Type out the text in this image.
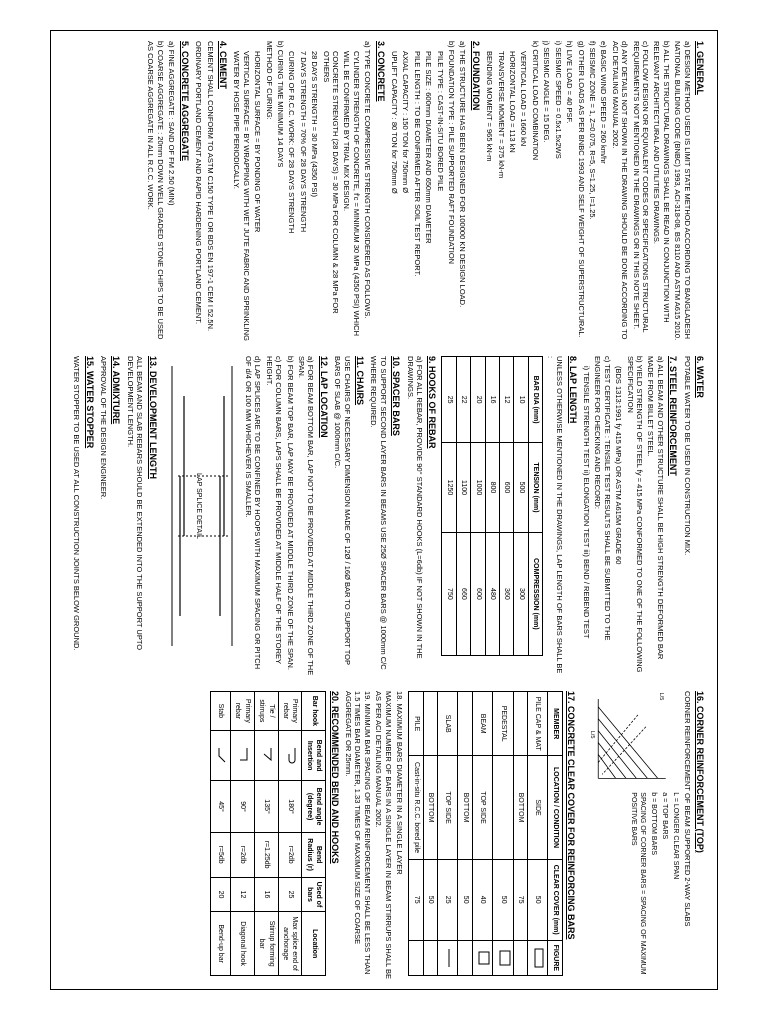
1. GENERAL

a) DESIGN METHOD USED IS LIMIT STATE METHOD ACCORDING TO BANGLADESH NATIONAL BUILDING CODE (BNBC) 1993, ACI-318-08, BS 8110 AND ASTM A615 2010.

b) ALL THE STRUCTURAL DRAWINGS SHALL BE READ IN CONJUNCTION WITH RELEVANT ARCHITECTURAL AND UTILITIES DRAWINGS.

c) FOLLOW DESIGN OR EQUIVALENT CODES OR SPECIFICATIONS STRUCTURAL REQUIREMENTS NOT MENTIONED IN THE DRAWINGS OR IN THIS NOTE SHEET.

d) ANY DETAILS NOT SHOWN IN THE DRAWING SHOULD BE DONE ACCORDING TO ACI DETAILING MANUAL 2002.

e) BASIC WIND SPEED = 260 km/hr

f) SEISMIC ZONE = 1, Z=0.075, R=5, S=1.25, I=1.25.

g) OTHER LOADS AS PER BNBC 1993 AND SELF WEIGHT OF SUPERSTRUCTURAL.

h) LIVE LOAD = 40 PSF.

i) SEISMIC SPEED = 0.5x1.5x2WS

j) SEISMIC ANGLE = 15 DEG.

k) CRITICAL LOAD COMBINATION

VERTICAL LOAD = 1660 kN

HORIZONTAL LOAD = 113 kN

TRANSVERSE MOMENT = 375 kN-m

BENDING MOMENT = 965 kN-m

2. FOUNDATION

a) THE STRUCTURE HAS BEEN DESIGNED FOR 100000 KN DESIGN LOAD.

b) FOUNDATION TYPE : PILE SUPPORTED RAFT FOUNDATION

PILE TYPE : CAST-IN-SITU BORED PILE

PILE SIZE : 600mm DIAMETER AND 650mm DIAMETER

PILE LENGTH : TO BE CONFIRMED AFTER SOIL TEST REPORT.

AXIAL CAPACITY : 150 TON for 750mm Ø

UPLIFT CAPACITY : 80 TON for 750mm Ø

3. CONCRETE

a) TYPE CONCRETE COMPRESSIVE STRENGTH CONSIDERED AS FOLLOWS.

CYLINDER STRENGTH OF CONCRETE, f'c = MINIMUM 30 MPa (4350 PSI) WHICH WILL BE CONFIRMED BY TRIAL MIX DESIGN.

CONCRETE STRENGTH (28 DAYS) = 30 MPa FOR COLUMN & 28 MPa FOR OTHERS

28 DAYS STRENGTH = 30 MPa (4350 PSI)

7 DAYS STRENGTH = 70% OF 28 DAYS STRENGTH

CURING OF R.C.C. WORK: OF 28 DAYS STRENGTH

b) CURING TIME MINIMUM 14 DAYS

METHOD OF CURING:

HORIZONTAL SURFACE = BY PONDING OF WATER

VERTICAL SURFACE = BY WRAPPING WITH WET JUTE FABRIC AND SPRINKLING WATER BY HOSE PIPE PERIODICALLY.

4. CEMENT

CEMENT SHALL CONFORM TO ASTM C150 TYPE I OR BDS EN 197-1 CEM I 52.5N.

ORDINARY PORTLAND CEMENT AND RAPID HARDENING PORTLAND CEMENT.

5. CONCRETE AGGREGATE

a) FINE AGGREGATE : SAND OF FM 2.50 (MIN)

b) COARSE AGGREGATE : 20mm DOWN WELL GRADED STONE CHIPS TO BE USED AS COARSE AGGREGATE IN ALL R.C.C. WORK.

6. WATER

POTABLE WATER TO BE USED IN CONSTRUCTION MIX.

7. STEEL REINFORCEMENT

a) ALL BEAM AND OTHER STRUCTURE SHALL BE HIGH STRENGTH DEFORMED BAR MADE FROM BILLET STEEL.

b) YIELD STRENGTH OF STEEL fy = 415 MPa CONFORMED TO ONE OF THE FOLLOWING SPECIFICATION

(BDS 1313:1991 fy 415 MPa) OR ASTM A615M GRADE 60

c) TEST CERTIFICATE : TENSILE TEST RESULTS SHALL BE SUBMITTED TO THE ENGINEER FOR CHECKING AND RECORD:

i) TENSILE STRENGTH TEST ii) ELONGATION TEST iii) BEND / REBEND TEST

8. LAP LENGTH

UNLESS OTHERWISE MENTIONED IN THE DRAWINGS, LAP LENGTH OF BARS SHALL BE :

BAR DIA (mm)	TENSION (mm)	COMPRESSION (mm)
10	500	300
12	600	360
16	800	480
20	1000	600
22	1100	660
25	1250	750

9. HOOKS OF REBAR

a) FOR ALL REBAR, PROVIDE 90° STANDARD HOOKS (L=6db) IF NOT SHOWN IN THE DRAWINGS.

10. SPACER BARS

TO SUPPORT SECOND LAYER BARS IN BEAMS USE 25Ø SPACER BARS @ 1000mm C/C WHERE REQUIRED.

11. CHAIRS

USE CHAIRS OF NECESSARY DIMENSION MADE OF 12Ø / 16Ø BAR TO SUPPORT TOP BARS OF SLAB @ 1000mm C/C.

12. LAP LOCATION

a) FOR BEAM BOTTOM BAR, LAP NOT TO BE PROVIDED AT MIDDLE THIRD ZONE OF THE SPAN.

b) FOR BEAM TOP BAR, LAP MAY BE PROVIDED AT MIDDLE THIRD ZONE OF THE SPAN.

c) FOR COLUMN BARS, LAPS SHALL BE PROVIDED AT MIDDLE HALF OF THE STOREY HEIGHT.

d) LAP SPLICES ARE TO BE CONFINED BY HOOPS WITH MAXIMUM SPACING OR PITCH OF d/4 OR 100 MM WHICHEVER IS SMALLER.

LAP SPLICE DETAIL

13. DEVELOPMENT LENGTH

ALL BEAM AND SLAB REBARS SHOULD BE EXTENDED INTO THE SUPPORT UPTO DEVELOPMENT LENGTH.

14. ADMIXTURE

APPROVAL OF THE DESIGN ENGINEER.

15. WATER STOPPER

WATER STOPPER TO BE USED AT ALL CONSTRUCTION JOINTS BELOW GROUND.

16. CORNER REINFORCEMENT (TOP)

CORNER REINFORCEMENT OF BEAM SUPPORTED 2-WAY SLABS

L/5
L/5

L = LONGER CLEAR SPAN

a = TOP BARS

b = BOTTOM BARS

SPACING OF CORNER BARS = SPACING OF MAXIMUM POSITIVE BARS

17. CONCRETE CLEAR COVER FOR REINFORCING BARS

MEMBER	LOCATION / CONDITION	CLEAR COVER (mm)	FIGURE
PILE CAP & MAT	SIDE	50	
	BOTTOM	75	
PEDESTAL		50	
BEAM	TOP SIDE	40	
	BOTTOM	50	
SLAB	TOP SIDE	25	
	BOTTOM	50	
PILE	Cast-in-situ R.C.C. bored pile	75	

18. MAXIMUM BARS DIAMETER IN A SINGLE LAYER

MAXIMUM NUMBER OF BARS IN A SINGLE LAYER IN BEAM STIRRUPS SHALL BE AS PER ACI DETAILING MANUAL 2002.

19. MINIMUM BAR SPACING OF BEAM REINFORCEMENT SHALL BE LESS THAN 1.5 TIMES BAR DIAMETER, 1.33 TIMES OF MAXIMUM SIZE OF COARSE AGGREGATE OR 25mm.

20. RECOMMENDED BEND AND HOOKS

Bar hook	Bend and Insertion	Bend angle (degree)	Bend Radius (r)	Used of bars	Location
Primary rebar		180°	r=2db	25	Max splice end of anchorage
Tie / stirrups		135°	r=1.25db	16	Stirrup forming bar
Primary rebar		90°	r=2db	12	Diagonal hook
Stab		45°	r=5db	20	Bend-up bar
